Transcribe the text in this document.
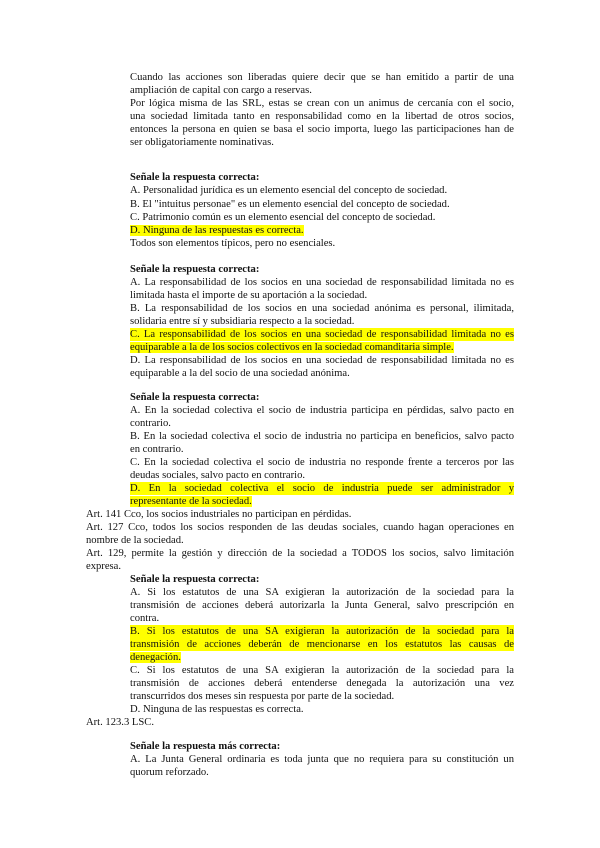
Cuando las acciones son liberadas quiere decir que se han emitido a partir de una
ampliación de capital con cargo a reservas.
Por lógica misma de las SRL, estas se crean con un animus de cercanía con el socio,
una sociedad limitada tanto en responsabilidad como en la libertad de otros socios,
entonces la persona en quien se basa el socio importa, luego las participaciones han de
ser obligatoriamente nominativas.
Señale la respuesta correcta:
A. Personalidad jurídica es un elemento esencial del concepto de sociedad.
B. El "intuitus personae" es un elemento esencial del concepto de sociedad.
C. Patrimonio común es un elemento esencial del concepto de sociedad.
D. Ninguna de las respuestas es correcta.
Todos son elementos típicos, pero no esenciales.
Señale la respuesta correcta:
A. La responsabilidad de los socios en una sociedad de responsabilidad limitada no es
limitada hasta el importe de su aportación a la sociedad.
B. La responsabilidad de los socios en una sociedad anónima es personal, ilimitada,
solidaria entre sí y subsidiaria respecto a la sociedad.
C. La responsabilidad de los socios en una sociedad de responsabilidad limitada no es
equiparable a la de los socios colectivos en la sociedad comanditaria simple.
D. La responsabilidad de los socios en una sociedad de responsabilidad limitada no es
equiparable a la del socio de una sociedad anónima.
Señale la respuesta correcta:
A. En la sociedad colectiva el socio de industria participa en pérdidas, salvo pacto en
contrario.
B. En la sociedad colectiva el socio de industria no participa en beneficios, salvo pacto
en contrario.
C. En la sociedad colectiva el socio de industria no responde frente a terceros por las
deudas sociales, salvo pacto en contrario.
D. En la sociedad colectiva el socio de industria puede ser administrador y
representante de la sociedad.
Art. 141 Cco, los socios industriales no participan en pérdidas.
Art. 127 Cco, todos los socios responden de las deudas sociales, cuando hagan operaciones en
nombre de la sociedad.
Art. 129, permite la gestión y dirección de la sociedad a TODOS los socios, salvo limitación
expresa.
Señale la respuesta correcta:
A. Si los estatutos de una SA exigieran la autorización de la sociedad para la
transmisión de acciones deberá autorizarla la Junta General, salvo prescripción en
contra.
B. Si los estatutos de una SA exigieran la autorización de la sociedad para la
transmisión de acciones deberán de mencionarse en los estatutos las causas de
denegación.
C. Si los estatutos de una SA exigieran la autorización de la sociedad para la
transmisión de acciones deberá entenderse denegada la autorización una vez
transcurridos dos meses sin respuesta por parte de la sociedad.
D. Ninguna de las respuestas es correcta.
Art. 123.3 LSC.
Señale la respuesta más correcta:
A. La Junta General ordinaria es toda junta que no requiera para su constitución un
quorum reforzado.
